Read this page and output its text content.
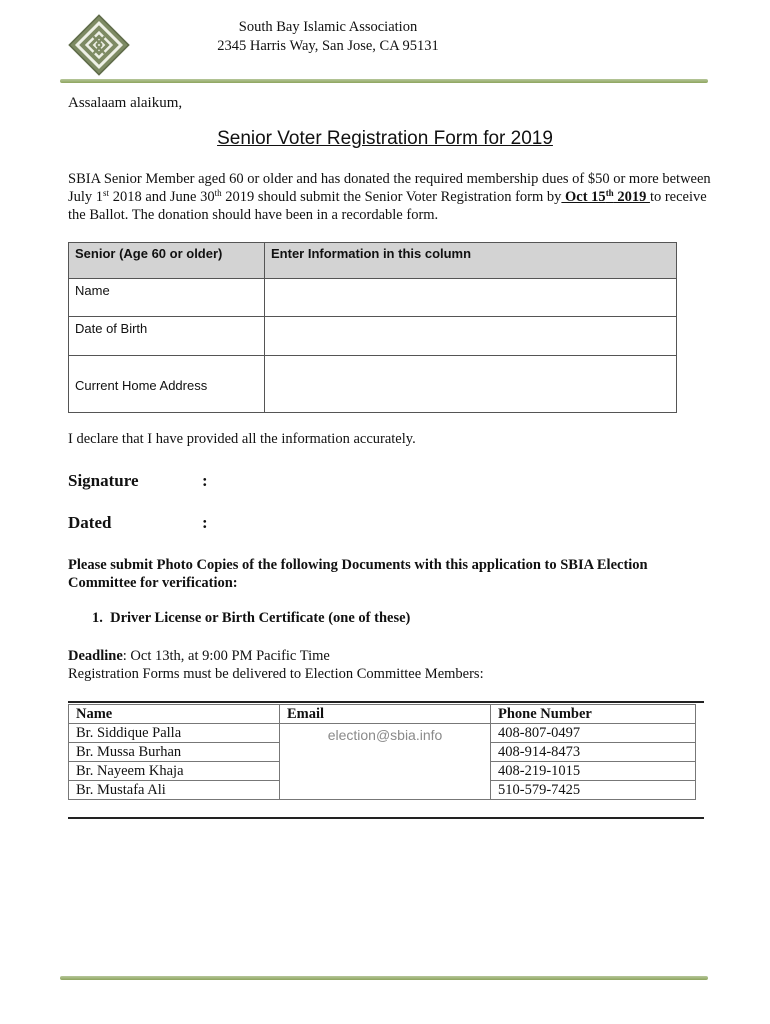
South Bay Islamic Association
2345 Harris Way, San Jose, CA 95131
Assalaam alaikum,
Senior Voter Registration Form for 2019
SBIA Senior Member aged 60 or older and has donated the required membership dues of $50 or more between July 1st 2018 and June 30th 2019 should submit the Senior Voter Registration form by Oct 15th 2019 to receive the Ballot. The donation should have been in a recordable form.
Senior (Age 60 or older)	Enter Information in this column
Name	
Date of Birth	
Current Home Address	
I declare that I have provided all the information accurately.
Signature	:
Dated	:
Please submit Photo Copies of the following Documents with this application to SBIA Election Committee for verification:
1. Driver License or Birth Certificate (one of these)
Deadline: Oct 13th, at 9:00 PM Pacific Time
Registration Forms must be delivered to Election Committee Members:
Name	Email	Phone Number
Br. Siddique Palla	election@sbia.info	408-807-0497
Br. Mussa Burhan		408-914-8473
Br. Nayeem Khaja		408-219-1015
Br. Mustafa Ali		510-579-7425
